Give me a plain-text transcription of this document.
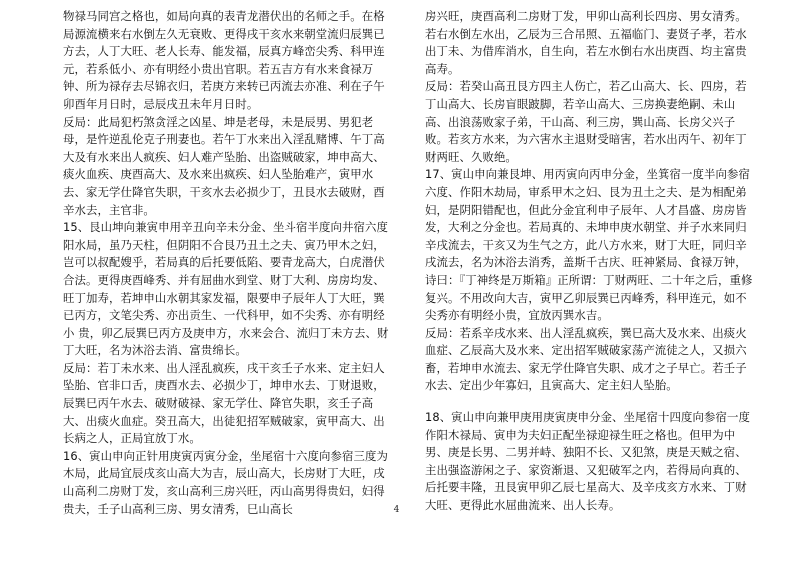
物禄马同宫之格也，如局向真的表青龙潜伏出的名师之手。在格局源流横来右水倒左久无衰败、更得戌干亥水来朝堂流归辰巽已方去，人丁大旺、老人长寿、能发福，辰真方峰峦尖秀、科甲连元，若系低小、亦有明经小贵出官职。若五吉方有水来食禄万钟、所为禄存去尽锦衣归，若庚方来转已丙流去亦准、利在子午卯酉年月日时，忌辰戌丑未年月日时。

反局：此局犯朽煞贪淫之凶星、坤是老母，未是辰男、男犯老母，是忤逆乱伦克子刑妻也。若午丁水来出入淫乱赌博、午丁高大及有水来出人疯疾、妇人难产坠胎、出盗贼破家，坤申高大、痰火血疾、庚酉高大、及水来出疯疾、妇人坠胎难产，寅甲水去、家无学仕降官失职，干亥水去必损少丁，丑艮水去破财，酉辛水去，主官非。

15、艮山坤向兼寅申用辛丑向辛未分金、坐斗宿半度向井宿六度阳水局，虽乃天柱，但阴阳不合艮乃丑土之夫、寅乃甲木之妇，岂可以叔配嫂乎，若局真的后托要低陷、要青龙高大，白虎潜伏合法。更得庚酉峰秀、并有屈曲水到堂、财丁大利、房房均发、旺丁加寿，若坤申山水朝其家发福，限要申子辰年人丁大旺，巽已丙方，文笔尖秀、亦出贡生、一代科甲，如不尖秀、亦有明经小 贵，卯乙辰巽巳丙方及庚申方，水来会合、流归丁未方去、财丁大旺，名为沐浴去消、富贵绵长。

反局：若丁未水来、出人淫乱疯疾，戌干亥壬子水来、定主妇人坠胎、官非口舌，庚酉水去、必损少丁，坤申水去、丁财退败，辰巽巳丙午水去、破财破禄、家无学仕、降官失职，亥壬子高大、出痰火血症。癸丑高大，出徒犯招军贼破家，寅甲高大、出长病之人，正局宜放丁水。

16、寅山申向正针用庚寅丙寅分金，坐尾宿十六度向参宿三度为木局，此局宜辰戌亥山高大为吉，辰山高大，长房财丁大旺，戌山高利二房财丁发，亥山高利三房兴旺，丙山高男得贵妇，妇得贵夫，壬子山高利三房、男女清秀，巳山高长

房兴旺，庚酉高利二房财丁发，甲卯山高利长四房、男女清秀。若右水倒左水出，乙辰为三合吊照、五福临门、妻贤子孝，若水出丁未、为借库消水，自生向，若左水倒右水出庚酉、均主富贵高寿。

反局：若癸山高丑艮方四主人伤亡，若乙山高大、长、四房，若丁山高大、长房盲眼跛脚，若辛山高大、三房换妻绝嗣、未山高、出浪荡败家子弟，干山高、利三房，巽山高、长房父兴子败。若亥方水来，为六害水主退财受暗害，若水出丙午、初年丁财两旺、久败绝。

17、寅山申向兼艮坤、用丙寅向丙申分金，坐箕宿一度半向参宿六度、作阳木劫局，审系甲木之妇、艮为丑土之夫、是为相配弟妇，是阴阳错配也，但此分金宜利申子辰年、人才昌盛、房房皆发，大利之分金也。若局真的、未坤申庚水朝堂、并子水来同归辛戌流去，干亥又为生气之方，此八方水来，财丁大旺，同归辛戌流去，名为沐浴去消秀，盖斯千古庆、旺神紧局、食禄万钟，诗曰：『丁神终是万斯箱』正所谓：丁财两旺、二十年之后，重修复兴。不用改向大吉，寅甲乙卯辰巽已丙峰秀，科甲连元，如不尖秀亦有明经小贵，宜放丙巽水吉。

反局：若系辛戌水来、出人淫乱疯疾，巽巳高大及水来、出痰火血症、乙辰高大及水来、定出招军贼破家荡产流徒之人，又损六畜，若坤申水流去、家无学仕降官失职、成才之子早亡。若壬子水去、定出少年寡妇，且寅高大、定主妇人坠胎。

18、寅山申向兼甲庚用庚寅庚申分金、坐尾宿十四度向参宿一度作阳木禄局、寅申为夫妇正配坐禄迎禄生旺之格也。但甲为中男、庚是长男、二男并峙、独阳不长、又犯煞，庚是天贼之宿、主出强盗游闲之子、家资渐退、又犯破军之内，若得局向真的、后托要丰隆，丑艮寅甲卯乙辰七星高大、及辛戌亥方水来、丁财大旺、更得此水屈曲流来、出人长寿。

4
